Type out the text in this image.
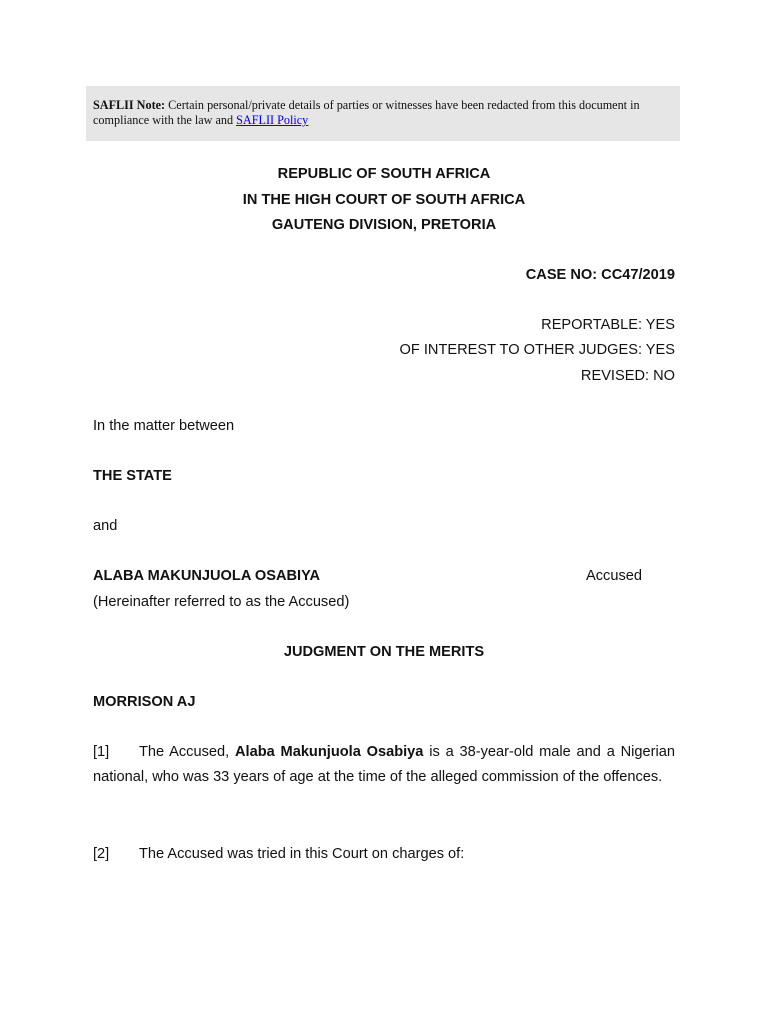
SAFLII Note: Certain personal/private details of parties or witnesses have been redacted from this document in compliance with the law and SAFLII Policy
REPUBLIC OF SOUTH AFRICA
IN THE HIGH COURT OF SOUTH AFRICA
GAUTENG DIVISION, PRETORIA
CASE NO: CC47/2019
REPORTABLE: YES
OF INTEREST TO OTHER JUDGES: YES
REVISED: NO
In the matter between
THE STATE
and
ALABA MAKUNJUOLA OSABIYA	Accused
(Hereinafter referred to as the Accused)
JUDGMENT ON THE MERITS
MORRISON AJ
[1] The Accused, Alaba Makunjuola Osabiya is a 38-year-old male and a Nigerian national, who was 33 years of age at the time of the alleged commission of the offences.
[2] The Accused was tried in this Court on charges of:
